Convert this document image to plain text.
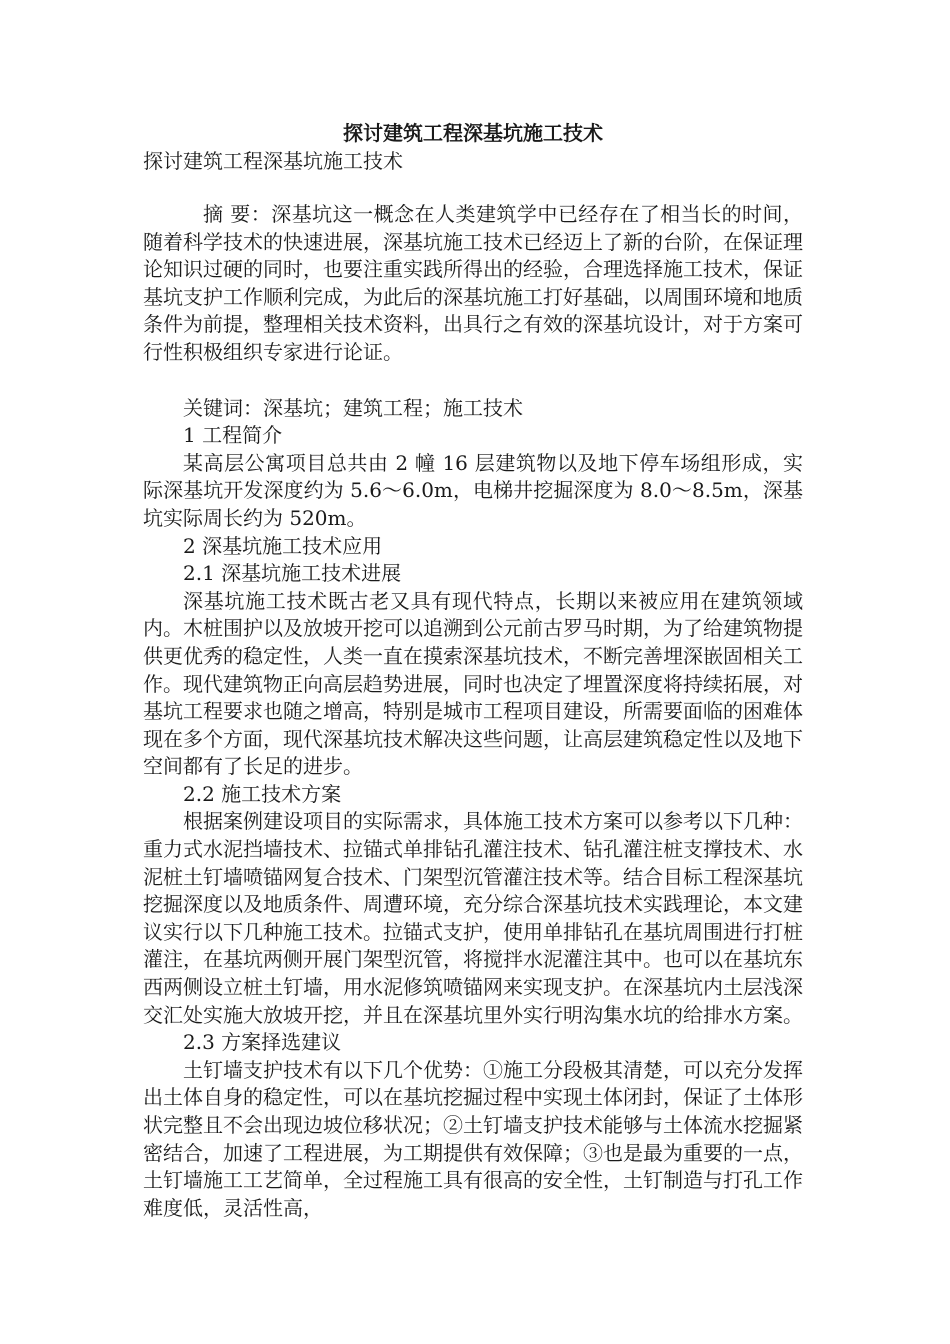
探讨建筑工程深基坑施工技术

探讨建筑工程深基坑施工技术

摘 要：深基坑这一概念在人类建筑学中已经存在了相当长的时间，随着科学技术的快速进展，深基坑施工技术已经迈上了新的台阶，在保证理论知识过硬的同时，也要注重实践所得出的经验，合理选择施工技术，保证基坑支护工作顺利完成，为此后的深基坑施工打好基础，以周围环境和地质条件为前提，整理相关技术资料，出具行之有效的深基坑设计，对于方案可行性积极组织专家进行论证。

关键词：深基坑；建筑工程；施工技术

1 工程简介

某高层公寓项目总共由 2 幢 16 层建筑物以及地下停车场组形成，实际深基坑开发深度约为 5.6～6.0m，电梯井挖掘深度为 8.0～8.5m，深基坑实际周长约为 520m。

2 深基坑施工技术应用

2.1 深基坑施工技术进展

深基坑施工技术既古老又具有现代特点，长期以来被应用在建筑领域内。木桩围护以及放坡开挖可以追溯到公元前古罗马时期，为了给建筑物提供更优秀的稳定性，人类一直在摸索深基坑技术，不断完善埋深嵌固相关工作。现代建筑物正向高层趋势进展，同时也决定了埋置深度将持续拓展，对基坑工程要求也随之增高，特别是城市工程项目建设，所需要面临的困难体现在多个方面，现代深基坑技术解决这些问题，让高层建筑稳定性以及地下空间都有了长足的进步。

2.2 施工技术方案

根据案例建设项目的实际需求，具体施工技术方案可以参考以下几种：重力式水泥挡墙技术、拉锚式单排钻孔灌注技术、钻孔灌注桩支撑技术、水泥桩土钉墙喷锚网复合技术、门架型沉管灌注技术等。结合目标工程深基坑挖掘深度以及地质条件、周遭环境，充分综合深基坑技术实践理论，本文建议实行以下几种施工技术。拉锚式支护，使用单排钻孔在基坑周围进行打桩灌注，在基坑两侧开展门架型沉管，将搅拌水泥灌注其中。也可以在基坑东西两侧设立桩土钉墙，用水泥修筑喷锚网来实现支护。在深基坑内土层浅深交汇处实施大放坡开挖，并且在深基坑里外实行明沟集水坑的给排水方案。

2.3 方案择选建议

土钉墙支护技术有以下几个优势：①施工分段极其清楚，可以充分发挥出土体自身的稳定性，可以在基坑挖掘过程中实现土体闭封，保证了土体形状完整且不会出现边坡位移状况；②土钉墙支护技术能够与土体流水挖掘紧密结合，加速了工程进展，为工期提供有效保障；③也是最为重要的一点，土钉墙施工工艺简单，全过程施工具有很高的安全性，土钉制造与打孔工作难度低，灵活性高，
